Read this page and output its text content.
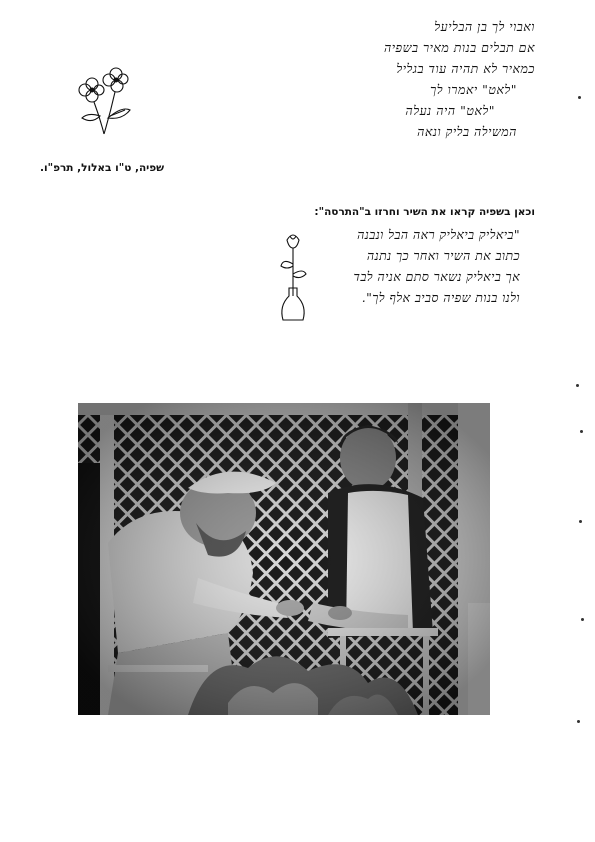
ואבוי לך בן הבליעל
אם תבלים בנות מאיר בשפיה
כמאיר לא תהיה עוד בגליל
"לאט" יאמרו לך
"לאט" היה נעלה
המשילה בליק ונאה
שפיה, ט"ו באלול, תרפ"ו.
וכאן בשפיה קראו את השיר וחרזו ב"התרסה":
"ביאליק ביאליק ראה הבל ונבנה
כתוב את השיר ואחר כך נתנה
אך ביאליק נשאר סתם אניה לבד
ולנו בנות שפיה סביב אלף לך".
